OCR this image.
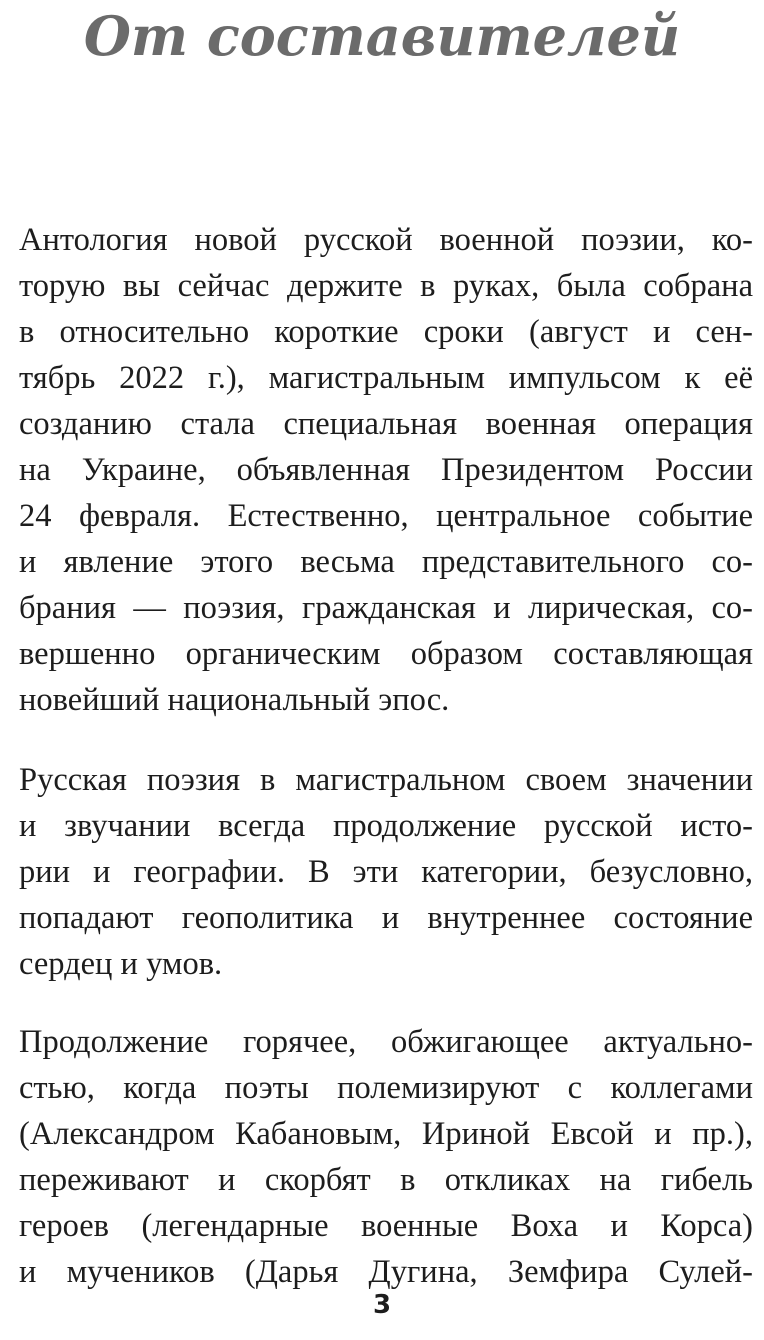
От составителей
Антология новой русской военной поэзии, ко-
торую вы сейчас держите в руках, была собрана
в относительно короткие сроки (август и сен-
тябрь 2022 г.), магистральным импульсом к её
созданию стала специальная военная операция
на Украине, объявленная Президентом России
24 февраля. Естественно, центральное событие
и явление этого весьма представительного со-
брания — поэзия, гражданская и лирическая, со-
вершенно органическим образом составляющая
новейший национальный эпос.
Русская поэзия в магистральном своем значении
и звучании всегда продолжение русской исто-
рии и географии. В эти категории, безусловно,
попадают геополитика и внутреннее состояние
сердец и умов.
Продолжение горячее, обжигающее актуально-
стью, когда поэты полемизируют с коллегами
(Александром Кабановым, Ириной Евсой и пр.),
переживают и скорбят в откликах на гибель
героев (легендарные военные Воха и Корса)
и мучеников (Дарья Дугина, Земфира Сулей-
3
